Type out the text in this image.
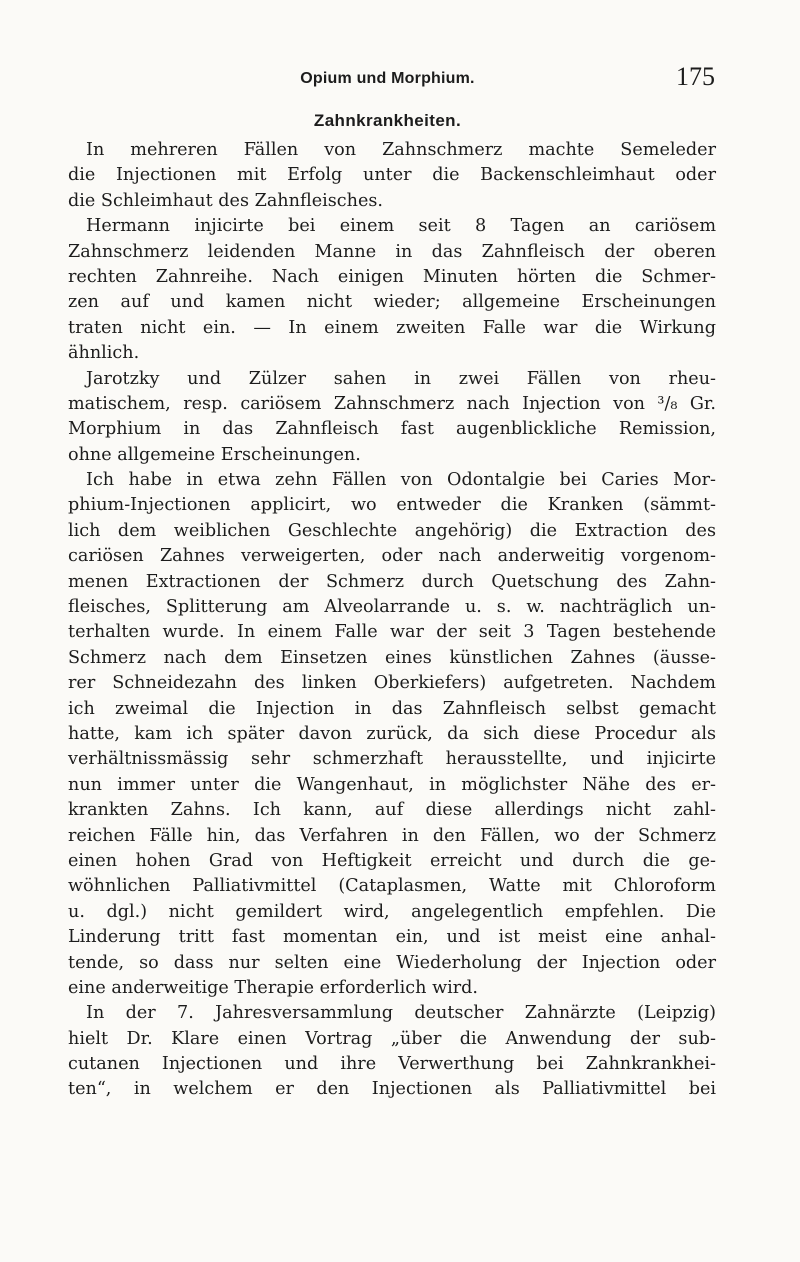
Opium und Morphium.	175
Zahnkrankheiten.
In mehreren Fällen von Zahnschmerz machte Semeleder
die Injectionen mit Erfolg unter die Backenschleimhaut oder
die Schleimhaut des Zahnfleisches.
Hermann injicirte bei einem seit 8 Tagen an cariösem
Zahnschmerz leidenden Manne in das Zahnfleisch der oberen
rechten Zahnreihe. Nach einigen Minuten hörten die Schmer-
zen auf und kamen nicht wieder; allgemeine Erscheinungen
traten nicht ein. — In einem zweiten Falle war die Wirkung
ähnlich.
Jarotzky und Zülzer sahen in zwei Fällen von rheu-
matischem, resp. cariösem Zahnschmerz nach Injection von ³/₈ Gr.
Morphium in das Zahnfleisch fast augenblickliche Remission,
ohne allgemeine Erscheinungen.
Ich habe in etwa zehn Fällen von Odontalgie bei Caries Mor-
phium-Injectionen applicirt, wo entweder die Kranken (sämmt-
lich dem weiblichen Geschlechte angehörig) die Extraction des
cariösen Zahnes verweigerten, oder nach anderweitig vorgenom-
menen Extractionen der Schmerz durch Quetschung des Zahn-
fleisches, Splitterung am Alveolarrande u. s. w. nachträglich un-
terhalten wurde. In einem Falle war der seit 3 Tagen bestehende
Schmerz nach dem Einsetzen eines künstlichen Zahnes (äusse-
rer Schneidezahn des linken Oberkiefers) aufgetreten. Nachdem
ich zweimal die Injection in das Zahnfleisch selbst gemacht
hatte, kam ich später davon zurück, da sich diese Procedur als
verhältnissmässig sehr schmerzhaft herausstellte, und injicirte
nun immer unter die Wangenhaut, in möglichster Nähe des er-
krankten Zahns. Ich kann, auf diese allerdings nicht zahl-
reichen Fälle hin, das Verfahren in den Fällen, wo der Schmerz
einen hohen Grad von Heftigkeit erreicht und durch die ge-
wöhnlichen Palliativmittel (Cataplasmen, Watte mit Chloroform
u. dgl.) nicht gemildert wird, angelegentlich empfehlen. Die
Linderung tritt fast momentan ein, und ist meist eine anhal-
tende, so dass nur selten eine Wiederholung der Injection oder
eine anderweitige Therapie erforderlich wird.
In der 7. Jahresversammlung deutscher Zahnärzte (Leipzig)
hielt Dr. Klare einen Vortrag „über die Anwendung der sub-
cutanen Injectionen und ihre Verwerthung bei Zahnkrankhei-
ten“, in welchem er den Injectionen als Palliativmittel bei
